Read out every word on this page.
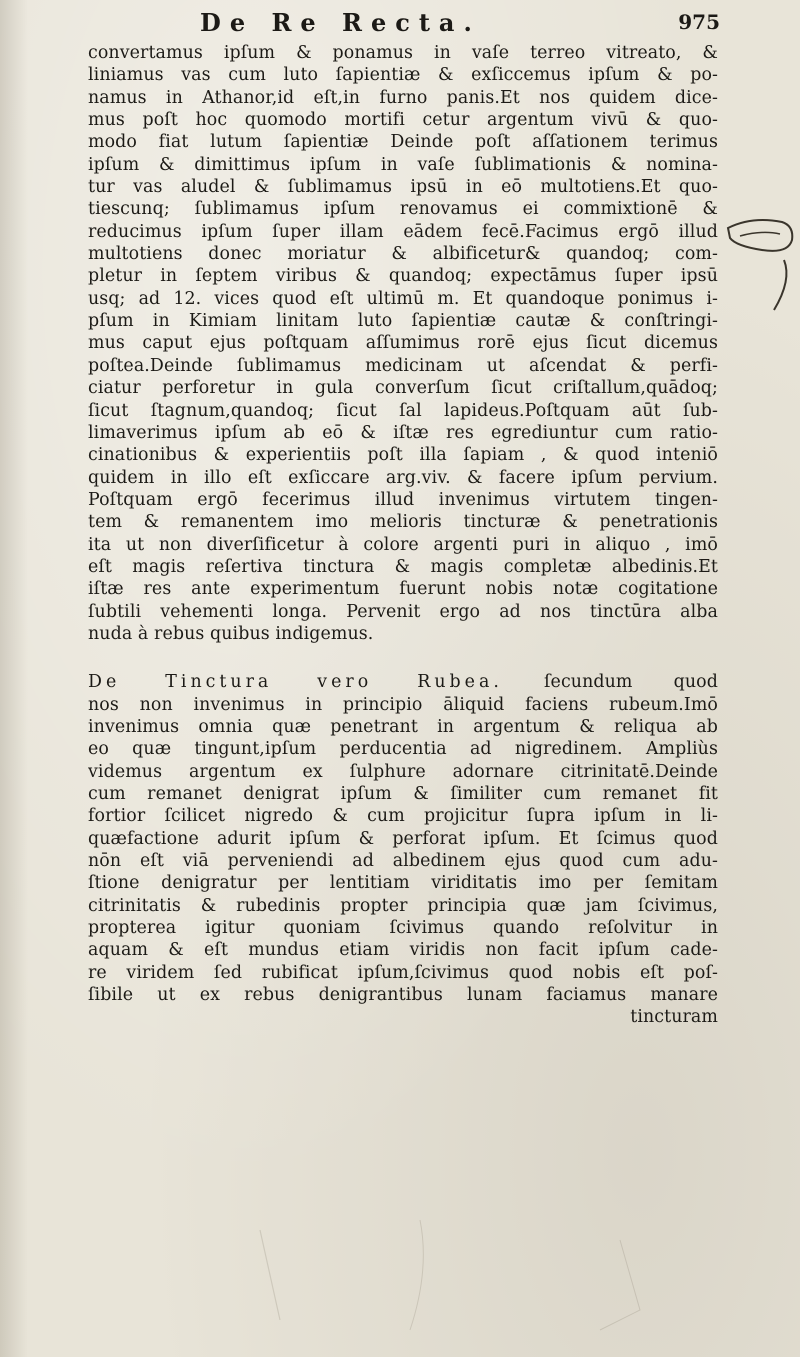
De Re Recta.	975
convertamus ipſum & ponamus in vaſe terreo vitreato, &
liniamus vas cum luto ſapientiæ & exſiccemus ipſum & po-
namus in Athanor,id eſt,in furno panis.Et nos quidem dice-
mus poſt hoc quomodo mortifi cetur argentum vivū & quo-
modo fiat lutum ſapientiæ Deinde poſt aſſationem terimus
ipſum & dimittimus ipſum in vaſe ſublimationis & nomina-
tur vas aludel & ſublimamus ipsū in eō multotiens.Et quo-
tiescunq; ſublimamus ipſum renovamus ei commixtionē &
reducimus ipſum ſuper illam eādem fecē.Facimus ergō illud
multotiens donec moriatur & albificetur& quandoq; com-
pletur in ſeptem viribus & quandoq; expectāmus ſuper ipsū
usq; ad 12. vices quod eſt ultimū m. Et quandoque ponimus i-
pſum in Kimiam linitam luto ſapientiæ cautæ & conſtringi-
mus caput ejus poſtquam aſſumimus rorē ejus ſicut dicemus
poſtea.Deinde ſublimamus medicinam ut aſcendat & perfi-
ciatur perforetur in gula converſum ſicut criſtallum,quādoq;
ſicut ſtagnum,quandoq; ſicut ſal lapideus.Poſtquam aūt ſub-
limaverimus ipſum ab eō & iſtæ res egrediuntur cum ratio-
cinationibus & experientiis poſt illa ſapiam , & quod inteniō
quidem in illo eſt exſiccare arg.viv. & facere ipſum pervium.
Poſtquam ergō fecerimus illud invenimus virtutem tingen-
tem & remanentem imo melioris tincturæ & penetrationis
ita ut non diverſificetur à colore argenti puri in aliquo , imō
eſt magis reſertiva tinctura & magis completæ albedinis.Et
iſtæ res ante experimentum fuerunt nobis notæ cogitatione
ſubtili vehementi longa. Pervenit ergo ad nos tinctūra alba
nuda à rebus quibus indigemus.
De Tinctura vero Rubea. ſecundum quod
nos non invenimus in principio āliquid faciens rubeum.Imō
invenimus omnia quæ penetrant in argentum & reliqua ab
eo quæ tingunt,ipſum perducentia ad nigredinem. Ampliùs
videmus argentum ex ſulphure adornare citrinitatē.Deinde
cum remanet denigrat ipſum & ſimiliter cum remanet fit
fortior ſcilicet nigredo & cum projicitur ſupra ipſum in li-
quæfactione adurit ipſum & perforat ipſum. Et ſcimus quod
nōn eſt viā perveniendi ad albedinem ejus quod cum adu-
ſtione denigratur per lentitiam viriditatis imo per ſemitam
citrinitatis & rubedinis propter principia quæ jam ſcivimus,
propterea igitur quoniam ſcivimus quando reſolvitur in
aquam & eſt mundus etiam viridis non facit ipſum cade-
re viridem ſed rubificat ipſum,ſcivimus quod nobis eſt poſ-
ſibile ut ex rebus denigrantibus lunam faciamus manare
tincturam
